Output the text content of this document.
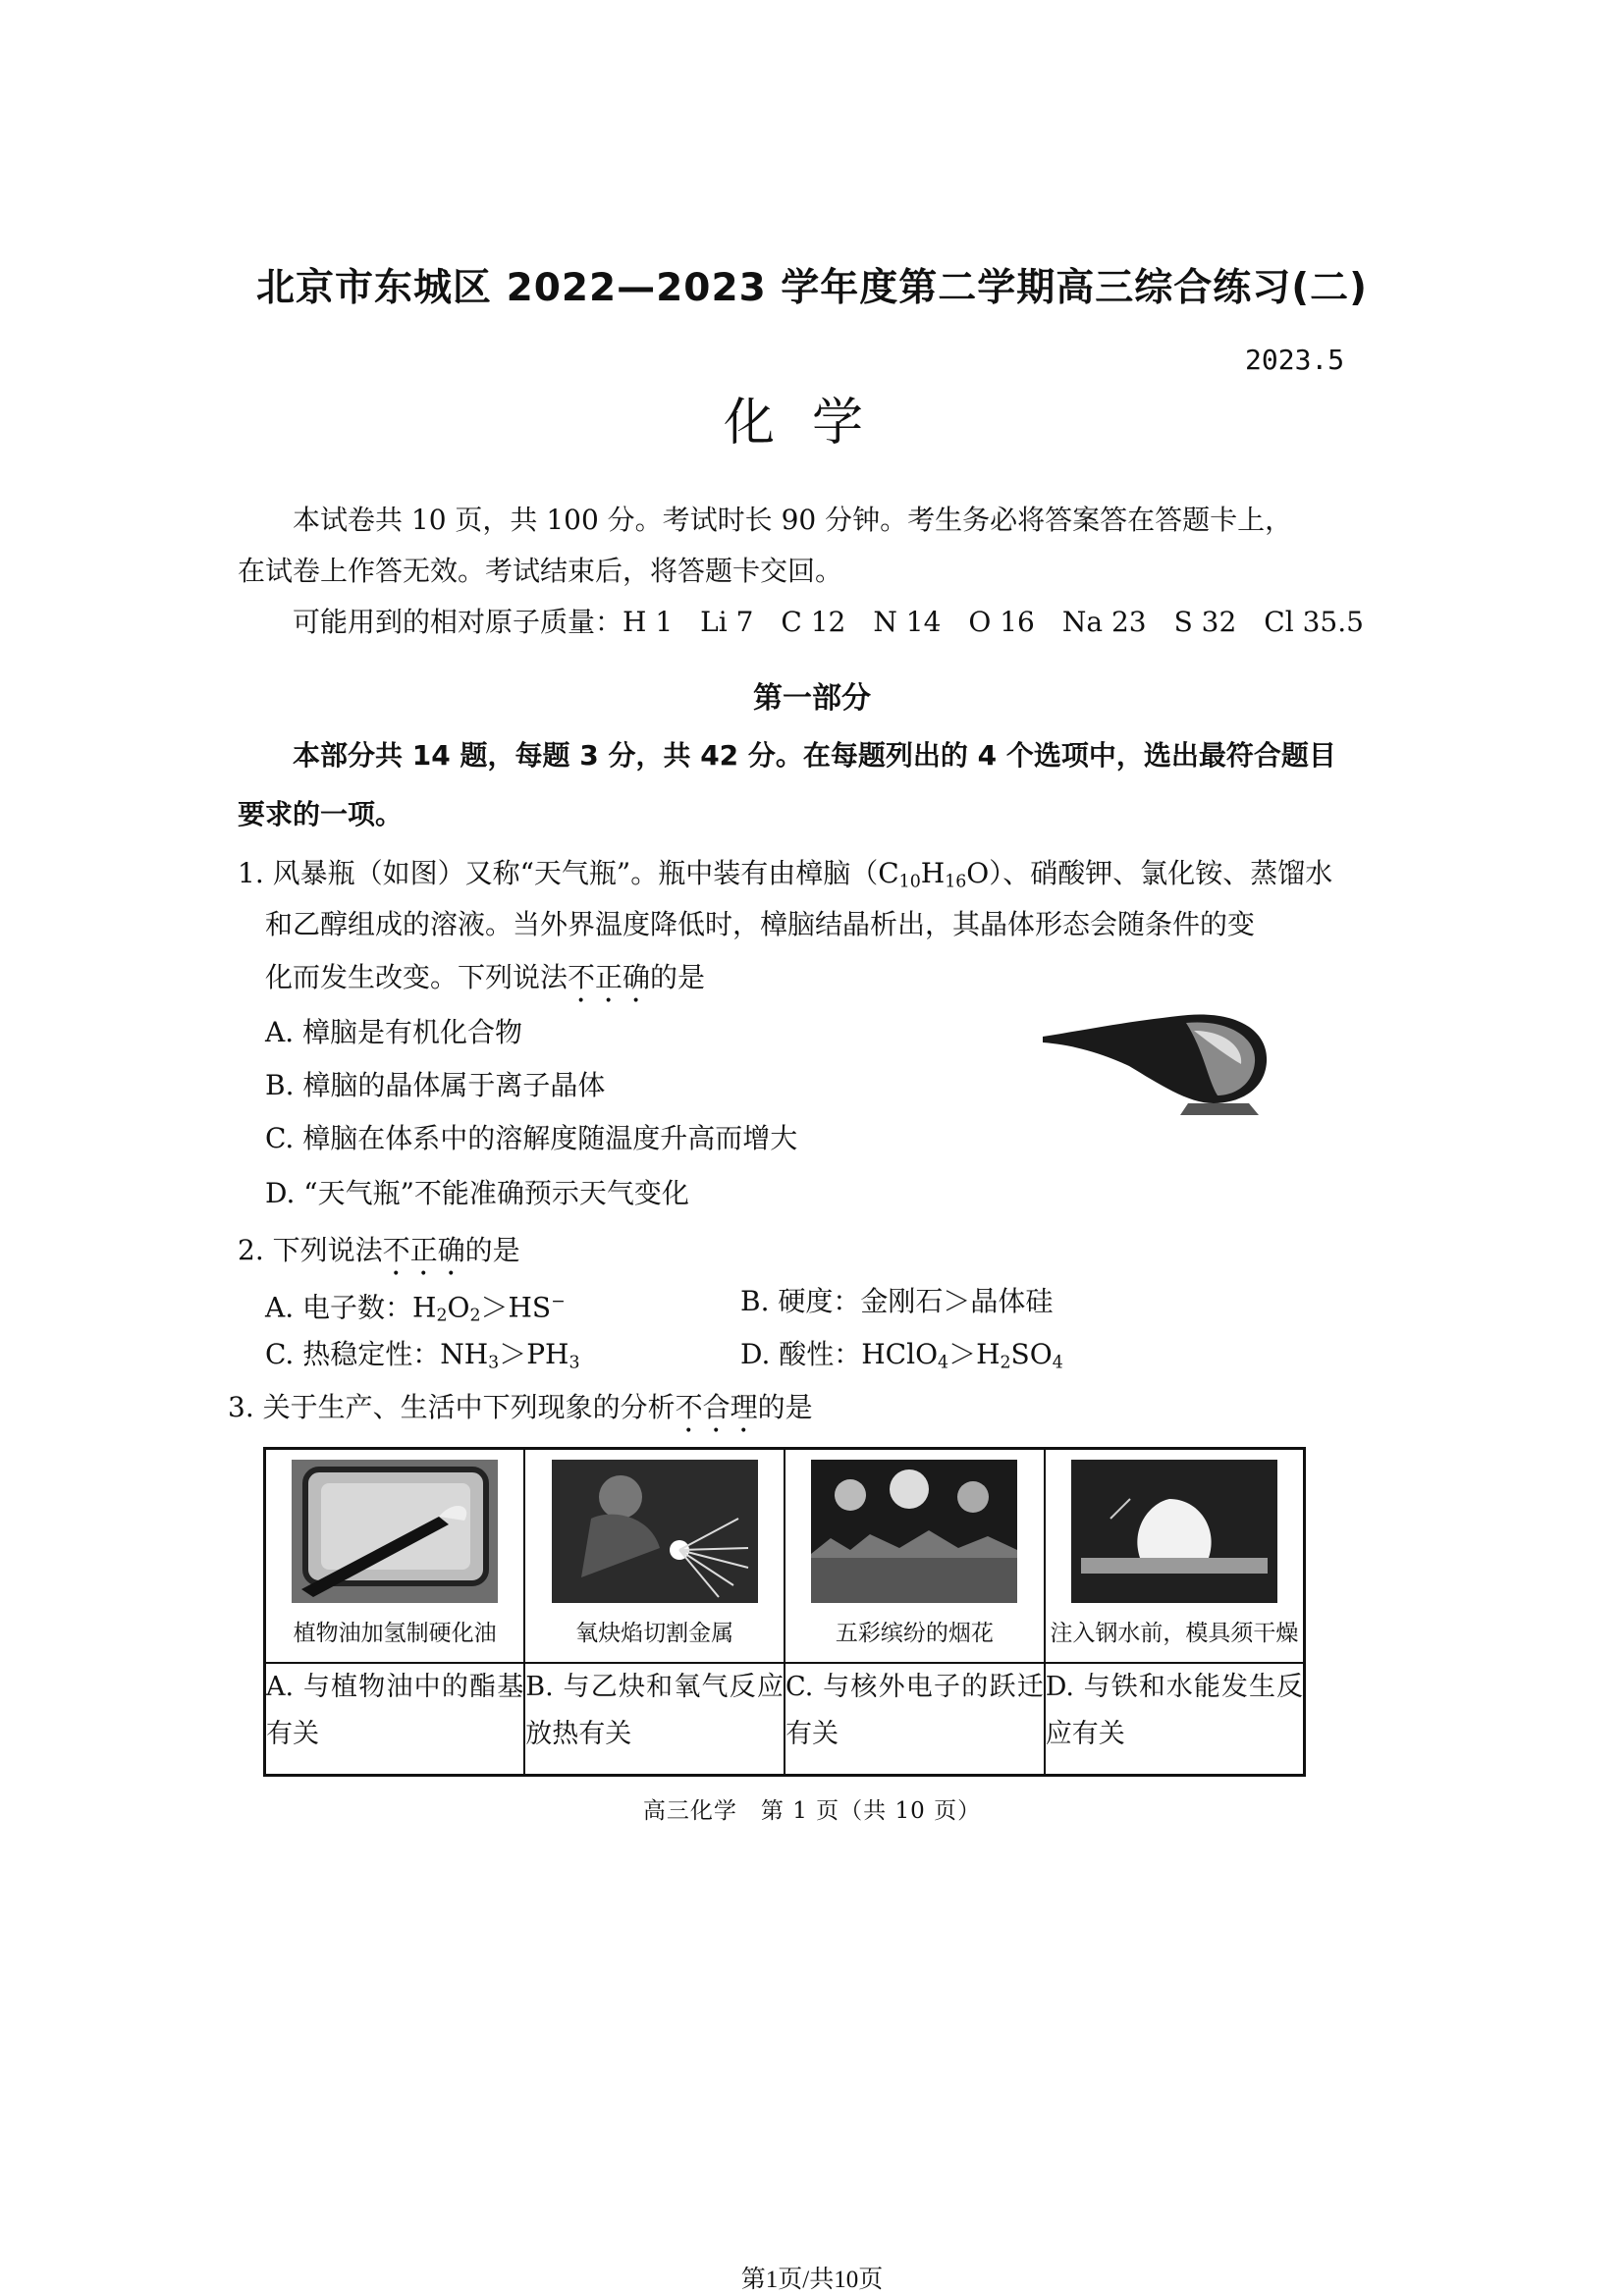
北京市东城区 2022—2023 学年度第二学期高三综合练习(二)
化学
2023.5
本试卷共 10 页，共 100 分。考试时长 90 分钟。考生务必将答案答在答题卡上，
在试卷上作答无效。考试结束后，将答题卡交回。
可能用到的相对原子质量：H 1　Li 7　C 12　N 14　O 16　Na 23　S 32　Cl 35.5
第一部分
本部分共 14 题，每题 3 分，共 42 分。在每题列出的 4 个选项中，选出最符合题目
要求的一项。
1. 风暴瓶（如图）又称“天气瓶”。瓶中装有由樟脑$(C_{10}H_{16}O)$、硝酸钾、氯化铵、蒸馏水
和乙醇组成的溶液。当外界温度降低时，樟脑结晶析出，其晶体形态会随条件的变
化而发生改变。下列说法不正确的是
A. 樟脑是有机化合物
B. 樟脑的晶体属于离子晶体
C. 樟脑在体系中的溶解度随温度升高而增大
D. “天气瓶”不能准确预示天气变化
2. 下列说法不正确的是
A. 电子数：$H_2O_2>HS^-$	B. 硬度：金刚石＞晶体硅
C. 热稳定性：$NH_3>PH_3$	D. 酸性：$HClO_4>H_2SO_4$
3. 关于生产、生活中下列现象的分析不合理的是
植物油加氢制硬化油	氧炔焰切割金属	五彩缤纷的烟花	注入钢水前，模具须干燥

A. 与植物油中的酯基有关	B. 与乙炔和氧气反应放热有关	C. 与核外电子的跃迁有关	D. 与铁和水能发生反应有关
高三化学　第 1 页（共 10 页）
第1页/共10页
